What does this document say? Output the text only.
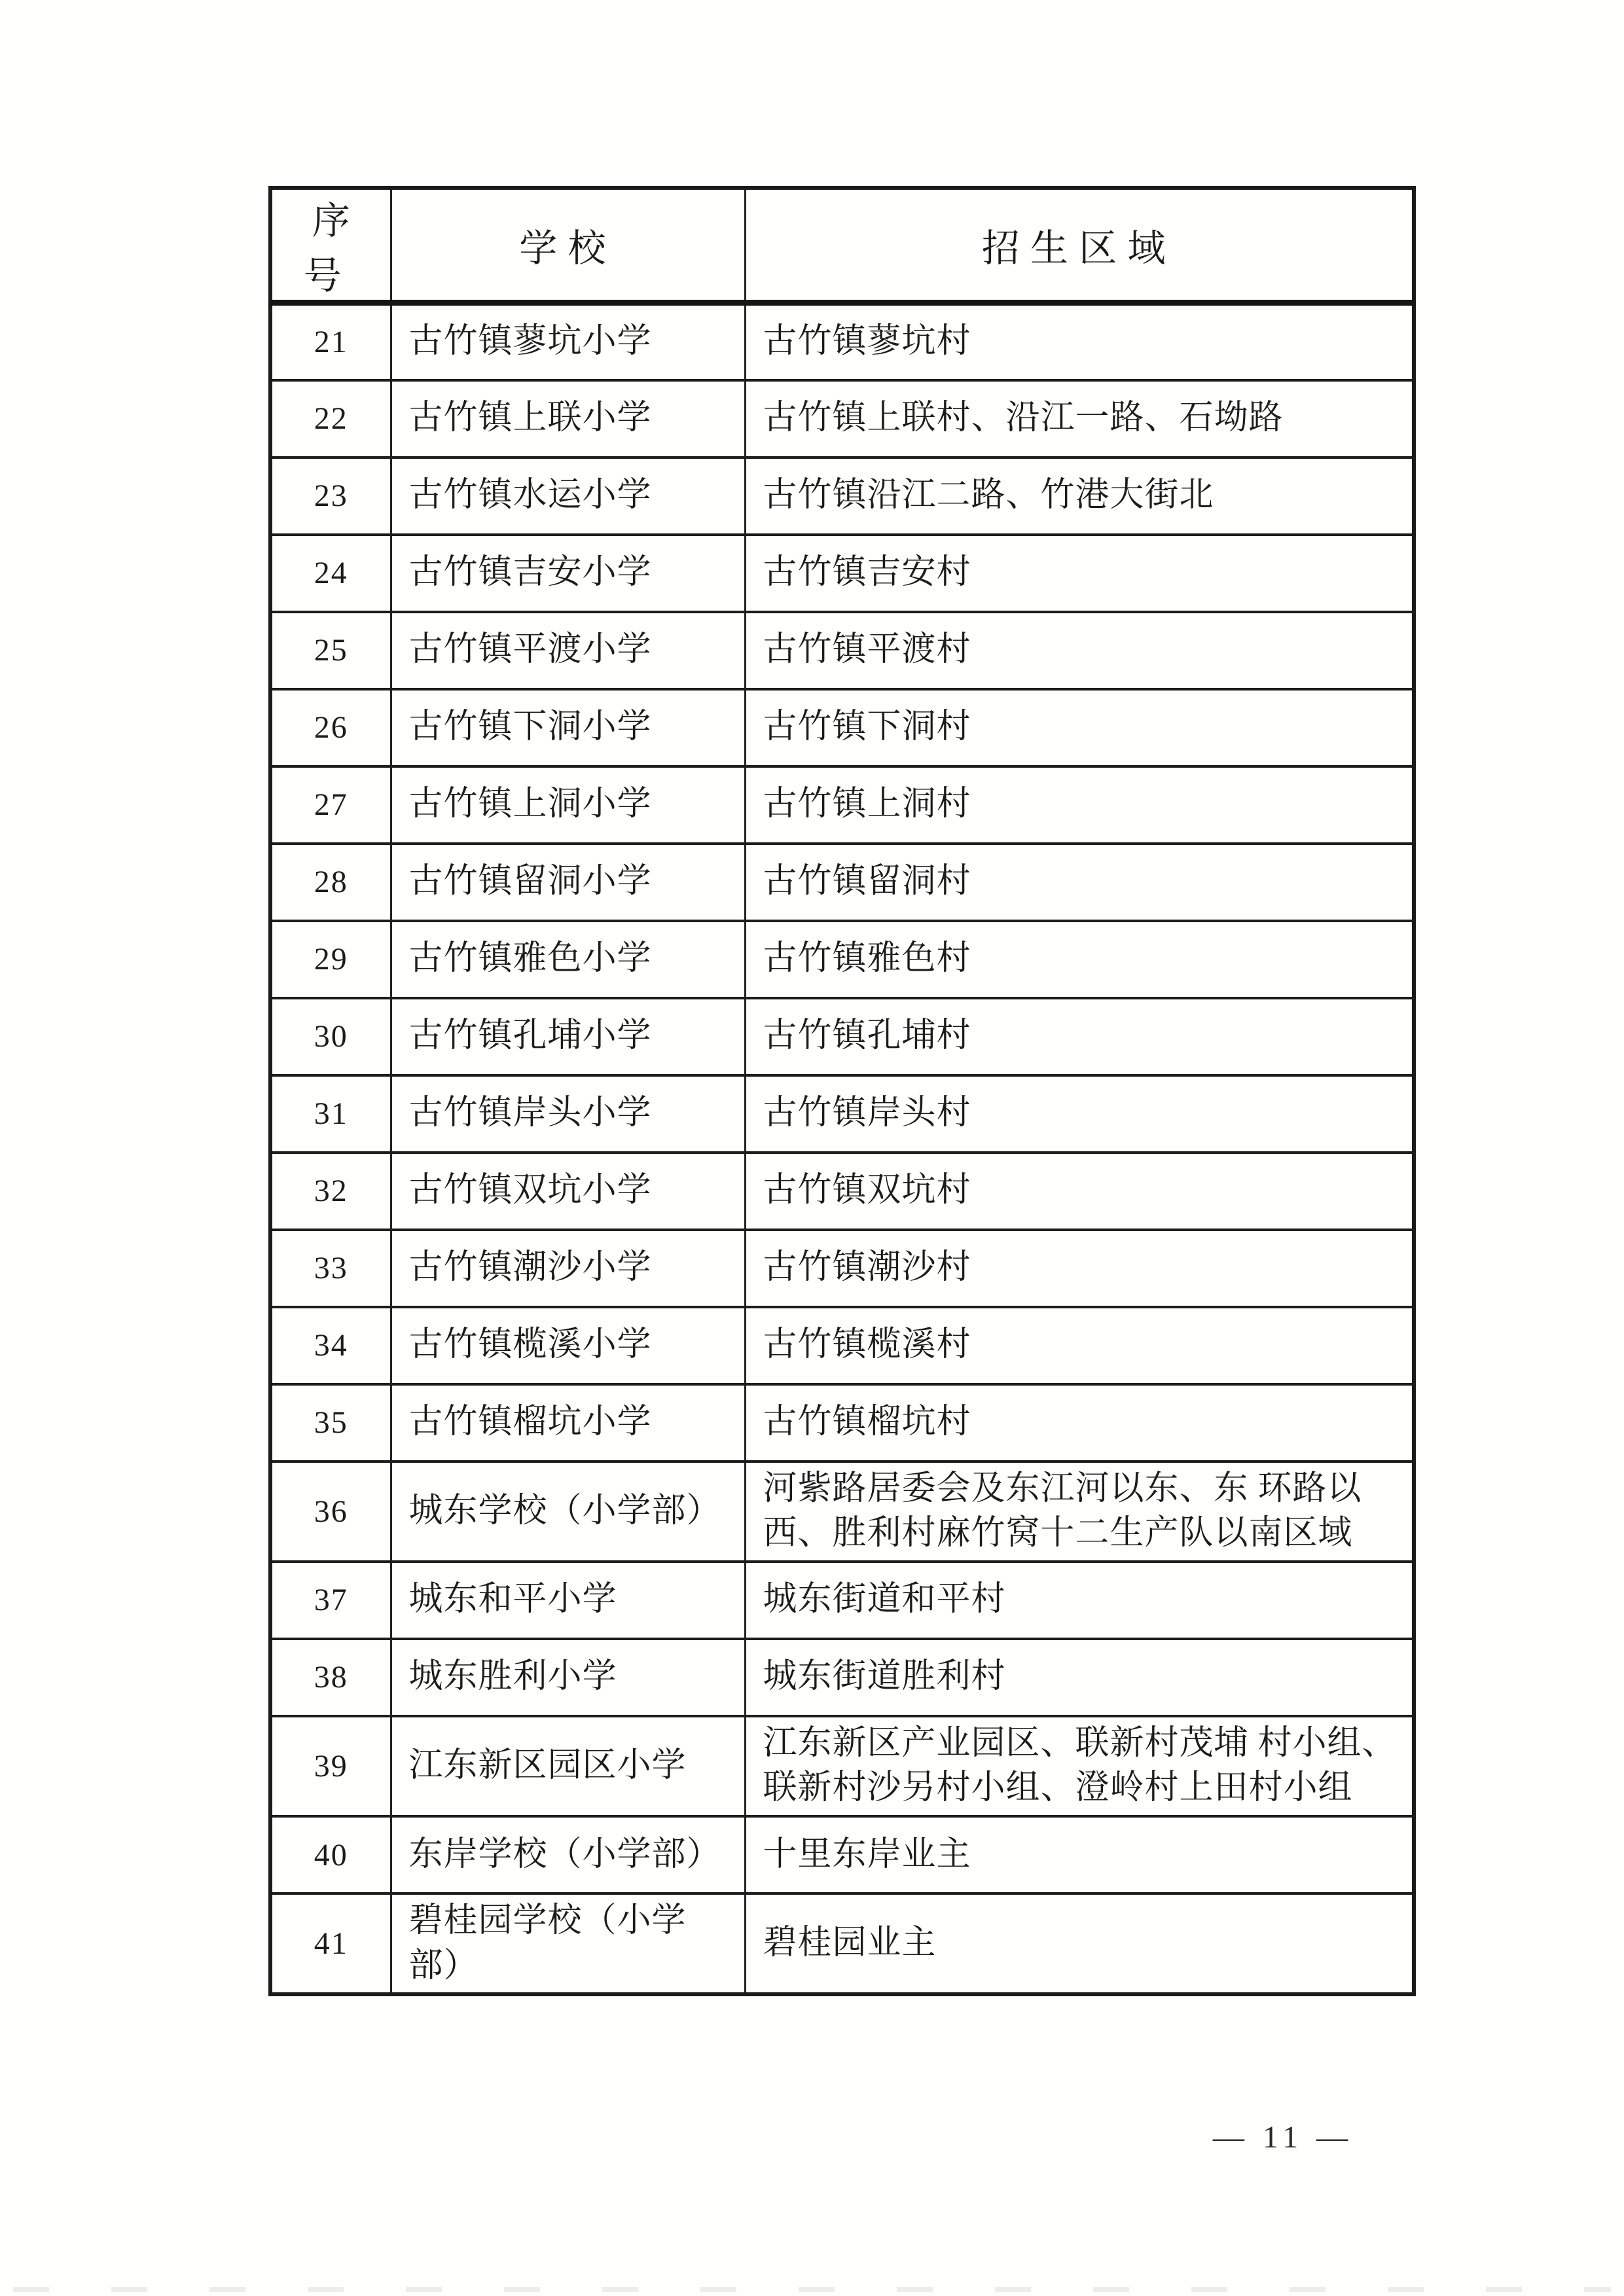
序号	学校	招生区域
21	古竹镇蓼坑小学	古竹镇蓼坑村
22	古竹镇上联小学	古竹镇上联村、沿江一路、石坳路
23	古竹镇水运小学	古竹镇沿江二路、竹港大街北
24	古竹镇吉安小学	古竹镇吉安村
25	古竹镇平渡小学	古竹镇平渡村
26	古竹镇下洞小学	古竹镇下洞村
27	古竹镇上洞小学	古竹镇上洞村
28	古竹镇留洞小学	古竹镇留洞村
29	古竹镇雅色小学	古竹镇雅色村
30	古竹镇孔埔小学	古竹镇孔埔村
31	古竹镇岸头小学	古竹镇岸头村
32	古竹镇双坑小学	古竹镇双坑村
33	古竹镇潮沙小学	古竹镇潮沙村
34	古竹镇榄溪小学	古竹镇榄溪村
35	古竹镇榴坑小学	古竹镇榴坑村
36	城东学校（小学部）	河紫路居委会及东江河以东、东 环路以西、胜利村麻竹窝十二生产队以南区域
37	城东和平小学	城东街道和平村
38	城东胜利小学	城东街道胜利村
39	江东新区园区小学	江东新区产业园区、联新村茂埔 村小组、联新村沙另村小组、澄岭村上田村小组
40	东岸学校（小学部）	十里东岸业主
41	碧桂园学校（小学部）	碧桂园业主
— 11 —
